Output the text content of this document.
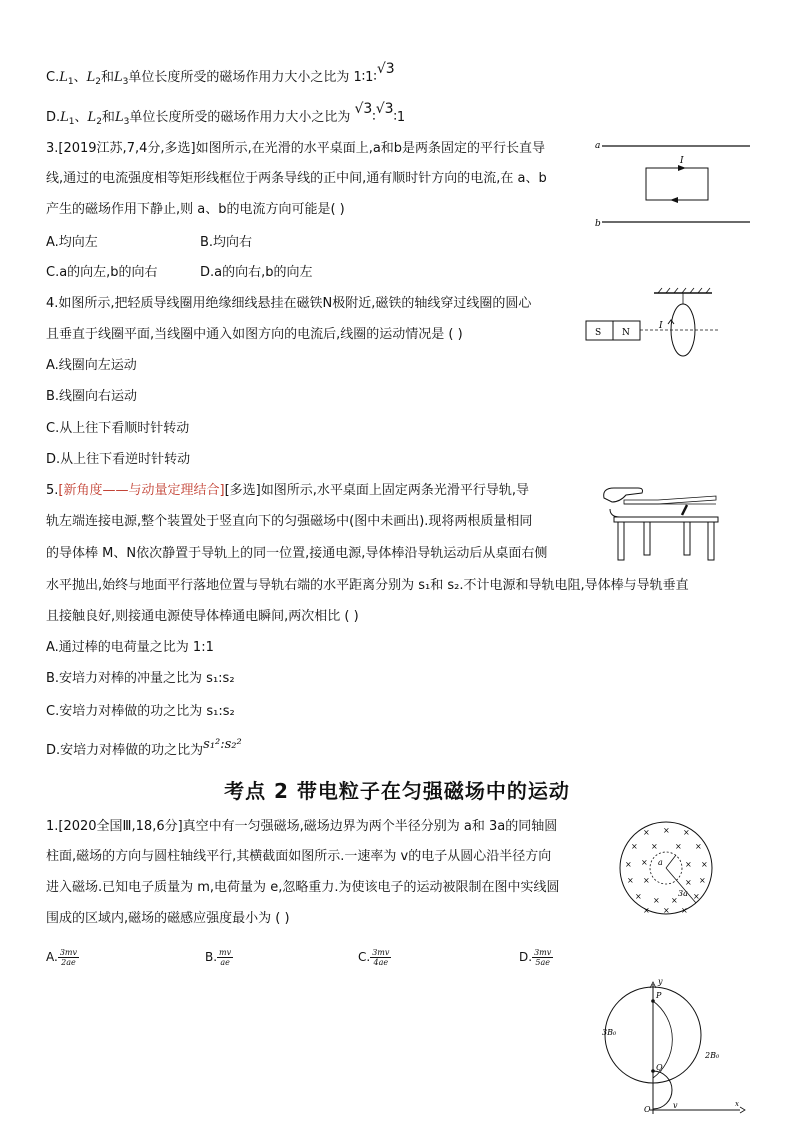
$C.L_1$、$L_2$和$L_3$单位长度所受的磁场作用力大小之比为 1∶1∶√3
$D.L_1$、$L_2$和$L_3$单位长度所受的磁场作用力大小之比为 √3∶√3∶1
3.[2019江苏,7,4分,多选]如图所示,在光滑的水平桌面上,a和b是两条固定的平行长直导
线,通过的电流强度相等矩形线框位于两条导线的正中间,通有顺时针方向的电流,在 a、b
产生的磁场作用下静止,则 a、b的电流方向可能是( )
A.均向左	B.均向右
C.a的向左,b的向右	D.a的向右,b的向左
a
b
I
4.如图所示,把轻质导线圈用绝缘细线悬挂在磁铁N极附近,磁铁的轴线穿过线圈的圆心
且垂直于线圈平面,当线圈中通入如图方向的电流后,线圈的运动情况是 ( )
A.线圈向左运动
B.线圈向右运动
C.从上往下看顺时针转动
D.从上往下看逆时针转动
S N
I
5.[新角度——与动量定理结合][多选]如图所示,水平桌面上固定两条光滑平行导轨,导
轨左端连接电源,整个装置处于竖直向下的匀强磁场中(图中未画出).现将两根质量相同
的导体棒 M、N依次静置于导轨上的同一位置,接通电源,导体棒沿导轨运动后从桌面右侧
水平抛出,始终与地面平行落地位置与导轨右端的水平距离分别为 s₁和 s₂.不计电源和导轨电阻,导体棒与导轨垂直
且接触良好,则接通电源使导体棒通电瞬间,两次相比 ( )
A.通过棒的电荷量之比为 1:1
B.安培力对棒的冲量之比为 s₁:s₂
C.安培力对棒做的功之比为 s₁:s₂
D.安培力对棒做的功之比为s₁²:s₂²
考点 2 带电粒子在匀强磁场中的运动
1.[2020全国Ⅲ,18,6分]真空中有一匀强磁场,磁场边界为两个半径分别为 a和 3a的同轴圆
柱面,磁场的方向与圆柱轴线平行,其横截面如图所示.一速率为 v的电子从圆心沿半径方向
进入磁场.已知电子质量为 m,电荷量为 e,忽略重力.为使该电子的运动被限制在图中实线圆
围成的区域内,磁场的磁感应强度最小为 ( )
A. $\frac{3mv}{2ae}$	B. $\frac{mv}{ae}$	C. $\frac{3mv}{4ae}$	D. $\frac{3mv}{5ae}$
× × ×
× × × ×
× ×	× ×
× ×	× ×
× × ×
× × ×
×
a
3a
y
P
Q
O
x
v
3B₀
2B₀
